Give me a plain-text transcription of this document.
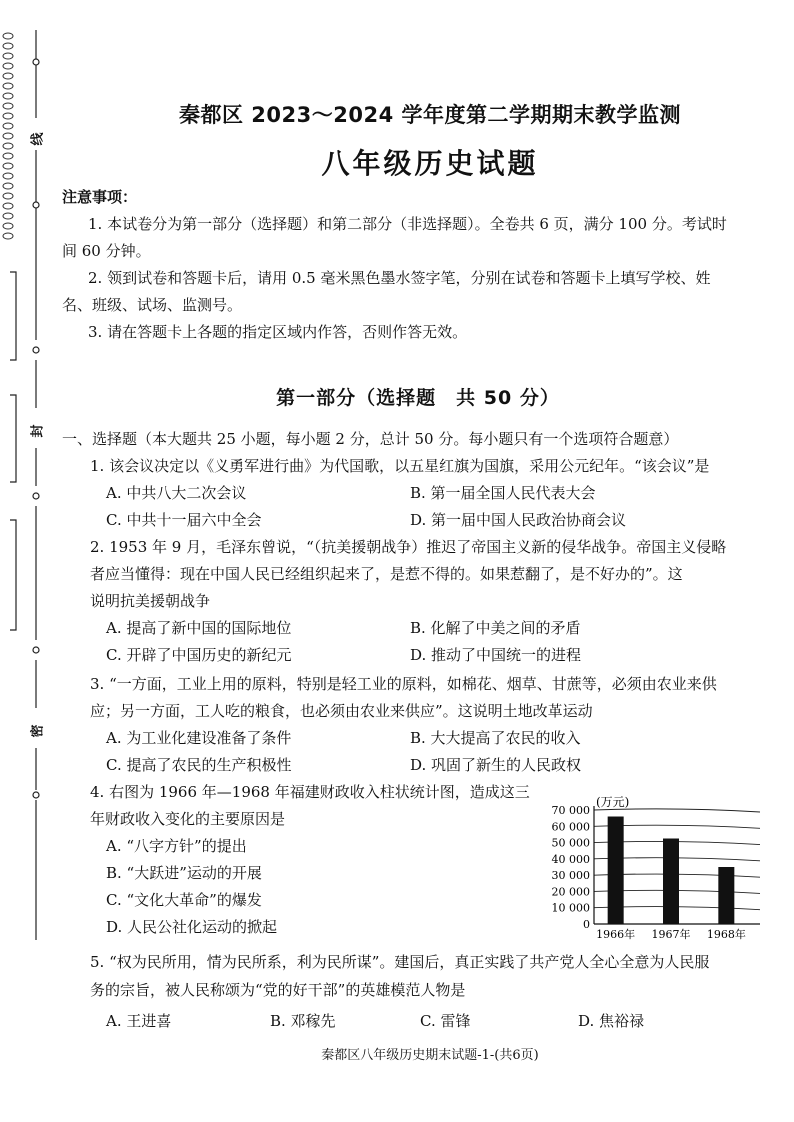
线
封
密
秦都区 2023～2024 学年度第二学期期末教学监测
八年级历史试题
注意事项：
1. 本试卷分为第一部分（选择题）和第二部分（非选择题）。全卷共 6 页，满分 100 分。考试时
间 60 分钟。
2. 领到试卷和答题卡后，请用 0.5 毫米黑色墨水签字笔，分别在试卷和答题卡上填写学校、姓
名、班级、试场、监测号。
3. 请在答题卡上各题的指定区域内作答，否则作答无效。
第一部分（选择题　共 50 分）
一、选择题（本大题共 25 小题，每小题 2 分，总计 50 分。每小题只有一个选项符合题意）
1. 该会议决定以《义勇军进行曲》为代国歌，以五星红旗为国旗，采用公元纪年。“该会议”是
A. 中共八大二次会议	B. 第一届全国人民代表大会
C. 中共十一届六中全会	D. 第一届中国人民政治协商会议
2. 1953 年 9 月，毛泽东曾说，“（抗美援朝战争）推迟了帝国主义新的侵华战争。帝国主义侵略
者应当懂得：现在中国人民已经组织起来了，是惹不得的。如果惹翻了，是不好办的”。这
说明抗美援朝战争
A. 提高了新中国的国际地位	B. 化解了中美之间的矛盾
C. 开辟了中国历史的新纪元	D. 推动了中国统一的进程
3. “一方面，工业上用的原料，特别是轻工业的原料，如棉花、烟草、甘蔗等，必须由农业来供
应；另一方面，工人吃的粮食，也必须由农业来供应”。这说明土地改革运动
A. 为工业化建设准备了条件	B. 大大提高了农民的收入
C. 提高了农民的生产积极性	D. 巩固了新生的人民政权
4. 右图为 1966 年—1968 年福建财政收入柱状统计图，造成这三
年财政收入变化的主要原因是
A. “八字方针”的提出
B. “大跃进”运动的开展
C. “文化大革命”的爆发
D. 人民公社化运动的掀起
(万元)
70 000
60 000
50 000
40 000
30 000
20 000
10 000
0
1966年 1967年 1968年
5. “权为民所用，情为民所系，利为民所谋”。建国后，真正实践了共产党人全心全意为人民服
务的宗旨，被人民称颂为“党的好干部”的英雄模范人物是
A. 王进喜	B. 邓稼先	C. 雷锋	D. 焦裕禄
秦都区八年级历史期末试题-1-(共6页)
